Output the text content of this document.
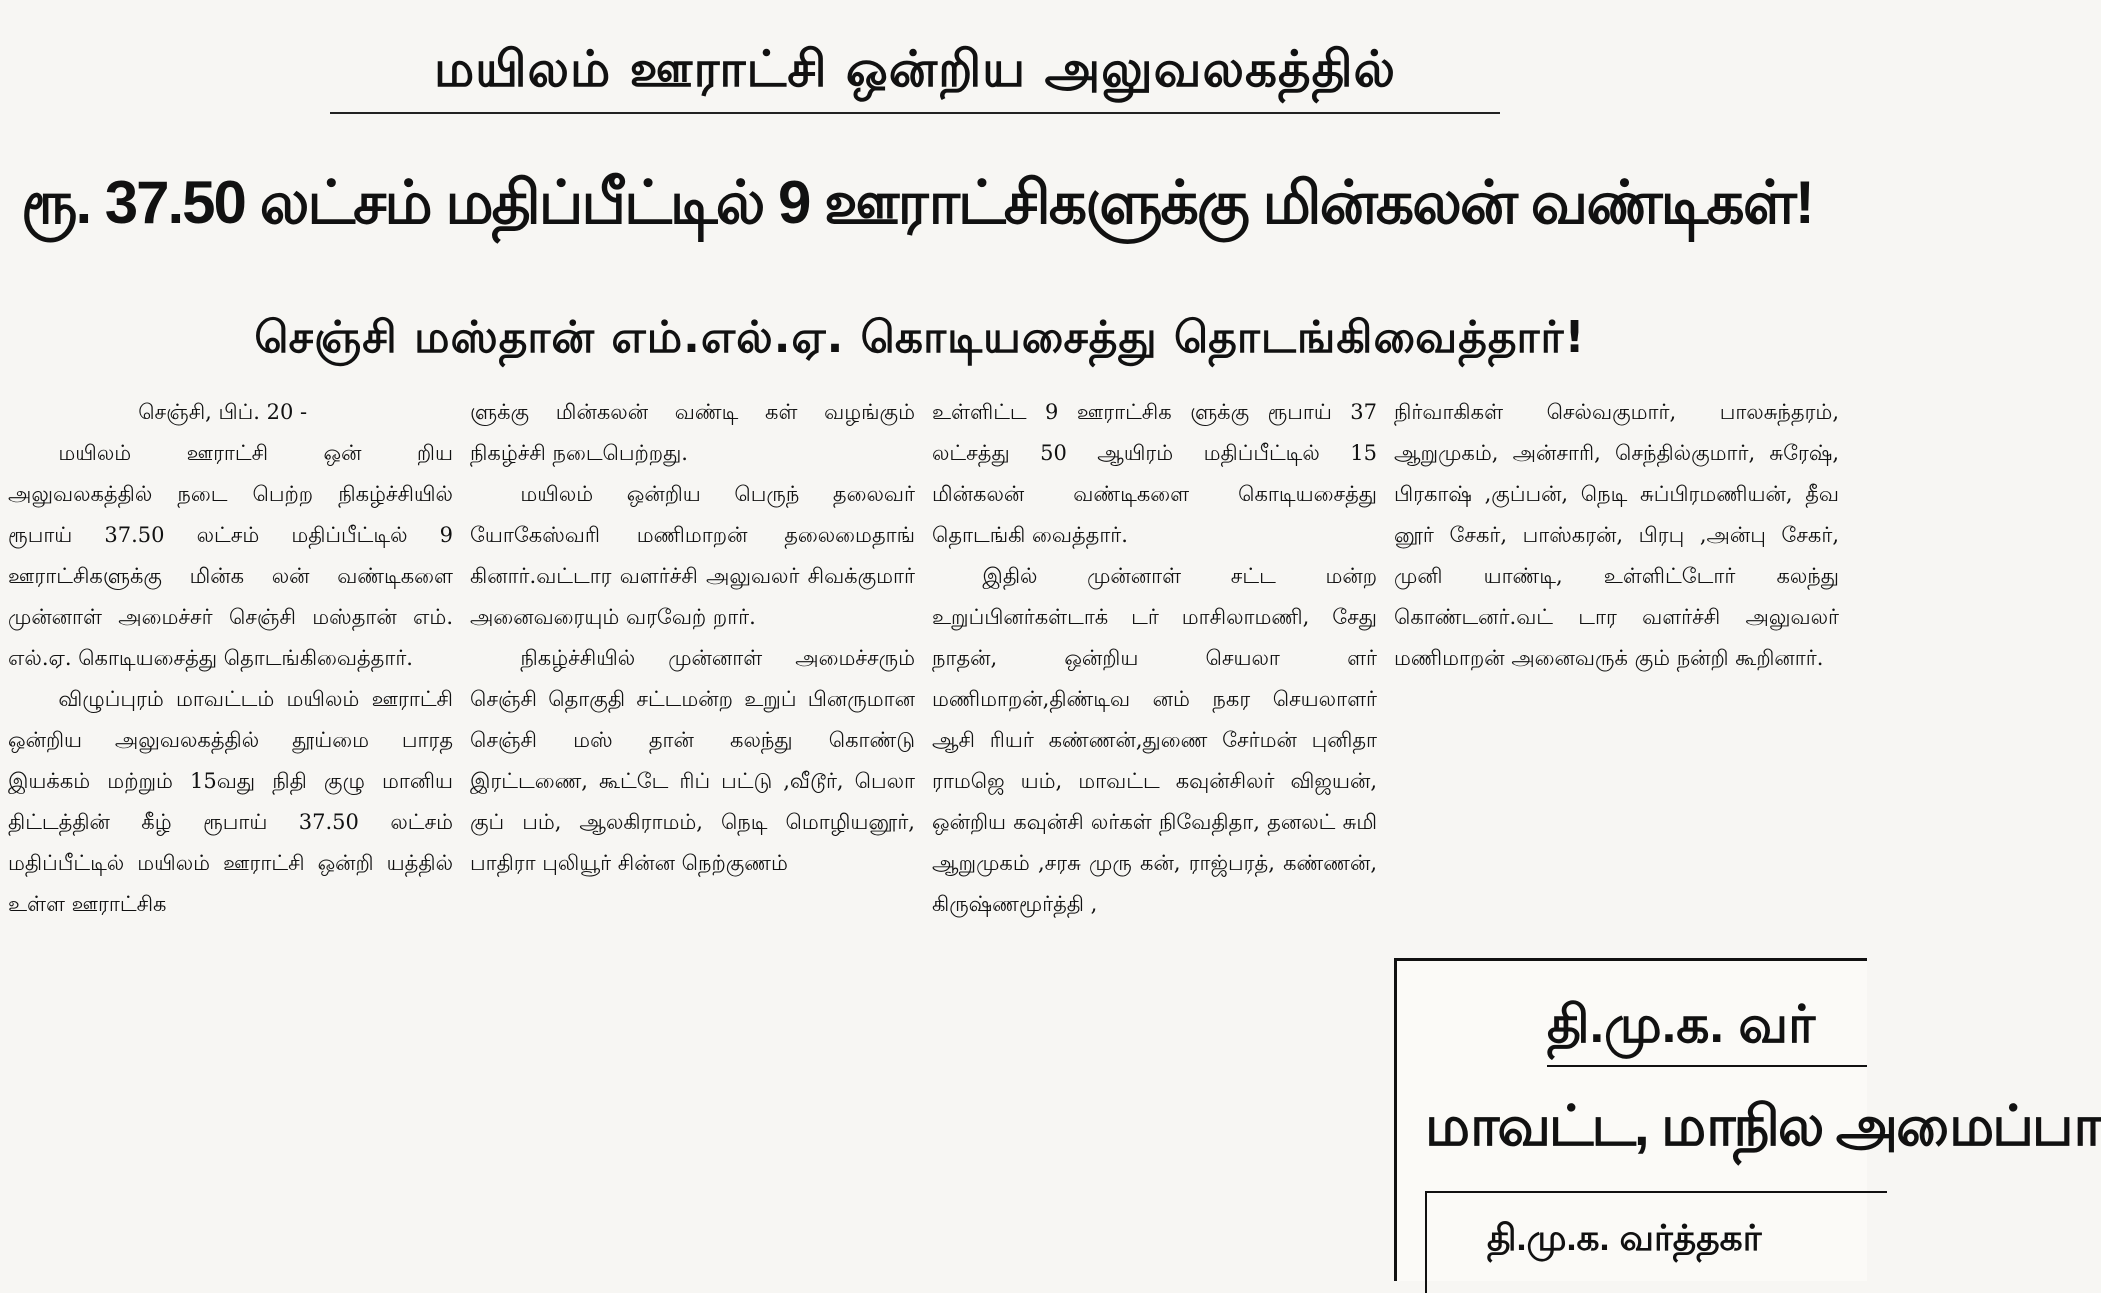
மயிலம் ஊராட்சி ஒன்றிய அலுவலகத்தில்
ரூ. 37.50 லட்சம் மதிப்பீட்டில் 9 ஊராட்சிகளுக்கு மின்கலன் வண்டிகள்!
செஞ்சி மஸ்தான் எம்.எல்.ஏ. கொடியசைத்து தொடங்கிவைத்தார்!

செஞ்சி, பிப். 20 -

மயிலம் ஊராட்சி ஒன் றிய அலுவலகத்தில் நடை பெற்ற நிகழ்ச்சியில் ரூபாய் 37.50 லட்சம் மதிப்பீட்டில் 9 ஊராட்சிகளுக்கு மின்க லன் வண்டிகளை முன்னாள் அமைச்சர் செஞ்சி மஸ்தான் எம். எல்.ஏ. கொடியசைத்து தொடங்கிவைத்தார்.

விழுப்புரம் மாவட்டம் மயிலம் ஊராட்சி ஒன்றிய அலுவலகத்தில் தூய்மை பாரத இயக்கம் மற்றும் 15வது நிதி குழு மானிய திட்டத்தின் கீழ் ரூபாய் 37.50 லட்சம் மதிப்பீட்டில் மயிலம் ஊராட்சி ஒன்றி யத்தில் உள்ள ஊராட்சிக

ளுக்கு மின்கலன் வண்டி கள் வழங்கும் நிகழ்ச்சி நடைபெற்றது.

மயிலம் ஒன்றிய பெருந் தலைவர் யோகேஸ்வரி மணிமாறன் தலைமைதாங் கினார்.வட்டார வளர்ச்சி அலுவலர் சிவக்குமார் அனைவரையும் வரவேற் றார்.

நிகழ்ச்சியில் முன்னாள் அமைச்சரும் செஞ்சி தொகுதி சட்டமன்ற உறுப் பினருமான செஞ்சி மஸ் தான் கலந்து கொண்டு இரட்டணை, கூட்டே ரிப் பட்டு ,வீடூர், பெலா குப் பம், ஆலகிராமம், நெடி மொழியனூர், பாதிரா புலியூர் சின்ன நெற்குணம்

உள்ளிட்ட 9 ஊராட்சிக ளுக்கு ரூபாய் 37 லட்சத்து 50 ஆயிரம் மதிப்பீட்டில் 15 மின்கலன் வண்டிகளை கொடியசைத்து தொடங்கி வைத்தார்.

இதில் முன்னாள் சட்ட மன்ற உறுப்பினர்கள்டாக் டர் மாசிலாமணி, சேது நாதன், ஒன்றிய செயலா ளர் மணிமாறன்,திண்டிவ னம் நகர செயலாளர் ஆசி ரியர் கண்ணன்,துணை சேர்மன் புனிதா ராமஜெ யம், மாவட்ட கவுன்சிலர் விஜயன், ஒன்றிய கவுன்சி லர்கள் நிவேதிதா, தனலட் சுமி ஆறுமுகம் ,சரசு முரு கன், ராஜ்பரத், கண்ணன், கிருஷ்ணமூர்த்தி ,

நிர்வாகிகள் செல்வகுமார், பாலசுந்தரம், ஆறுமுகம், அன்சாரி, செந்தில்குமார், சுரேஷ், பிரகாஷ் ,குப்பன், நெடி சுப்பிரமணியன், தீவ னூர் சேகர், பாஸ்கரன், பிரபு ,அன்பு சேகர், முனி யாண்டி, உள்ளிட்டோர் கலந்து கொண்டனர்.வட் டார வளர்ச்சி அலுவலர் மணிமாறன் அனைவருக் கும் நன்றி கூறினார்.

தி.மு.க. வர்
மாவட்ட, மாநில அமைப்பா
தி.மு.க. வர்த்தகர்
